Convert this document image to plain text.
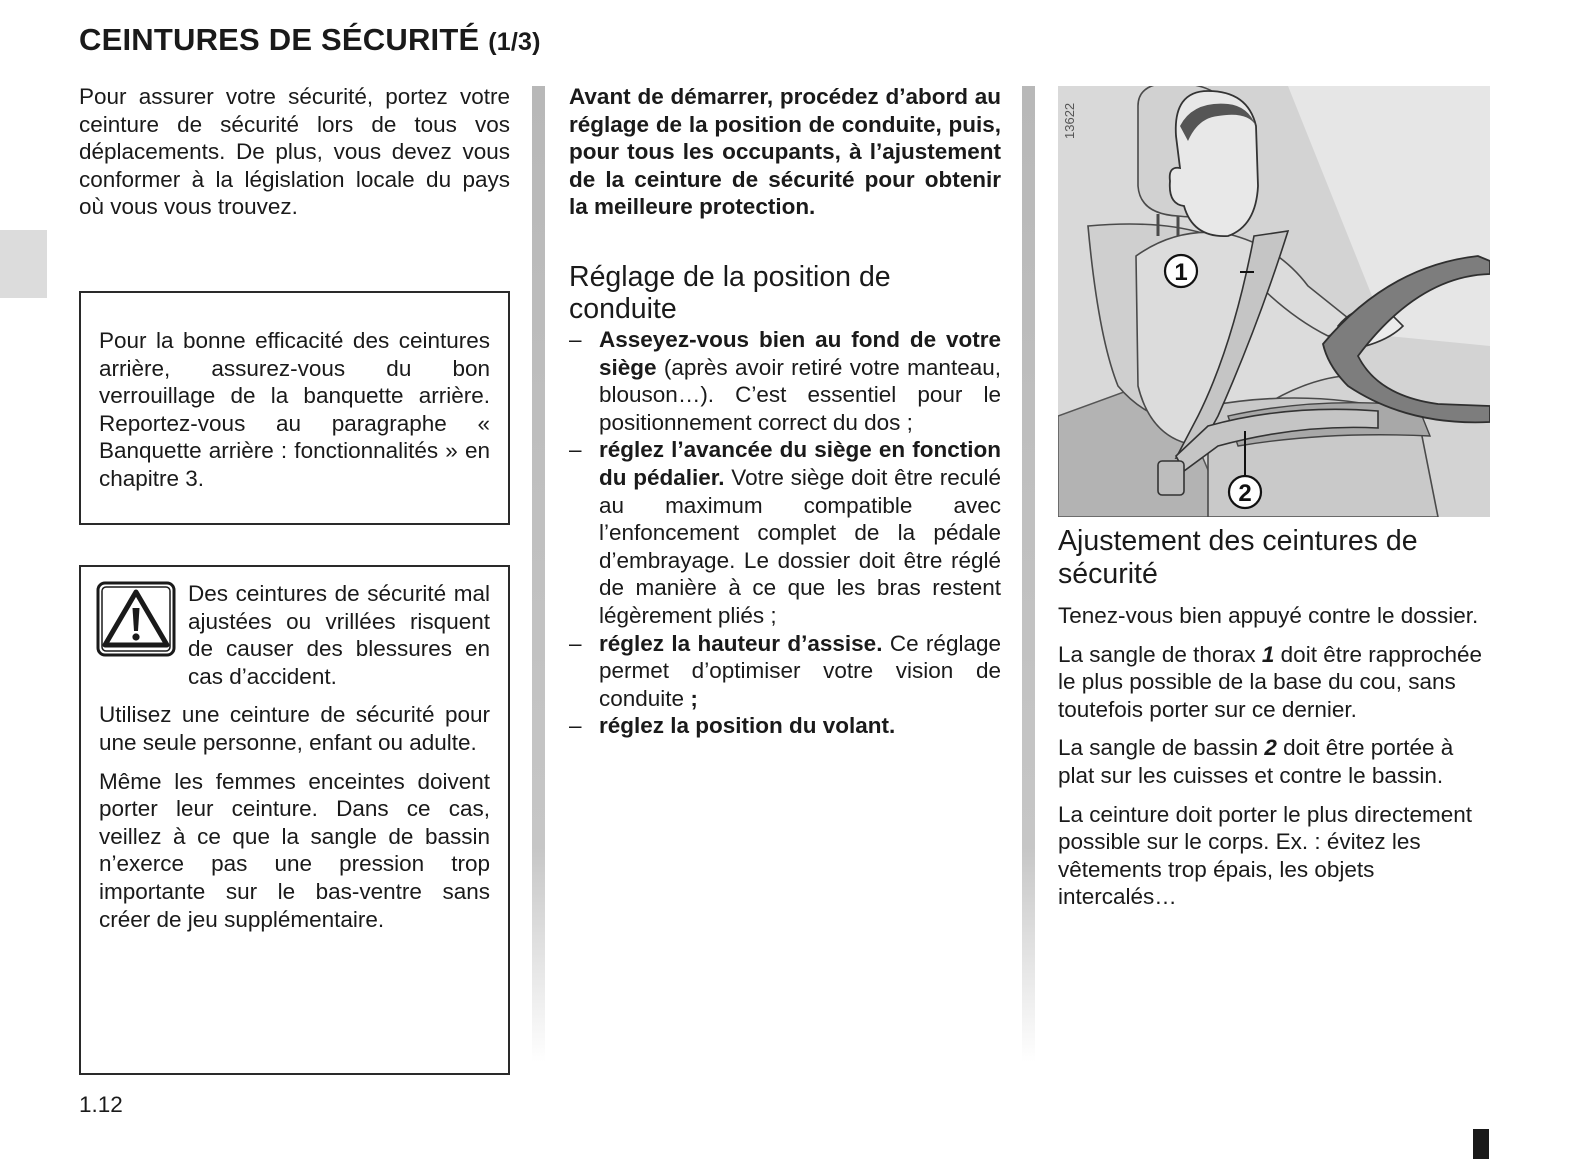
CEINTURES DE SÉCURITÉ (1/3)

Pour assurer votre sécurité, portez votre ceinture de sécurité lors de tous vos déplacements. De plus, vous devez vous conformer à la législation locale du pays où vous vous trouvez.

Pour la bonne efficacité des ceintures arrière, assurez-vous du bon verrouillage de la banquette arrière. Reportez-vous au paragraphe « Banquette arrière : fonctionnalités » en chapitre 3.

Des ceintures de sécurité mal ajustées ou vrillées risquent de causer des blessures en cas d’accident.

Utilisez une ceinture de sécurité pour une seule personne, enfant ou adulte.

Même les femmes enceintes doivent porter leur ceinture. Dans ce cas, veillez à ce que la sangle de bassin n’exerce pas une pression trop importante sur le bas-ventre sans créer de jeu supplémentaire.

Avant de démarrer, procédez d’abord au réglage de la position de conduite, puis, pour tous les occupants, à l’ajustement de la ceinture de sécurité pour obtenir la meilleure protection.

Réglage de la position de conduite
– Asseyez-vous bien au fond de votre siège (après avoir retiré votre manteau, blouson…). C’est essentiel pour le positionnement correct du dos ;
– réglez l’avancée du siège en fonction du pédalier. Votre siège doit être reculé au maximum compatible avec l’enfoncement complet de la pédale d’embrayage. Le dossier doit être réglé de manière à ce que les bras restent légèrement pliés ;
– réglez la hauteur d’assise. Ce réglage permet d’optimiser votre vision de conduite ;
– réglez la position du volant.
1
2
13622
Ajustement des ceintures de sécurité

Tenez-vous bien appuyé contre le dossier.

La sangle de thorax 1 doit être rapprochée le plus possible de la base du cou, sans toutefois porter sur ce dernier.

La sangle de bassin 2 doit être portée à plat sur les cuisses et contre le bassin.

La ceinture doit porter le plus directement possible sur le corps. Ex. : évitez les vêtements trop épais, les objets intercalés…

1.12
